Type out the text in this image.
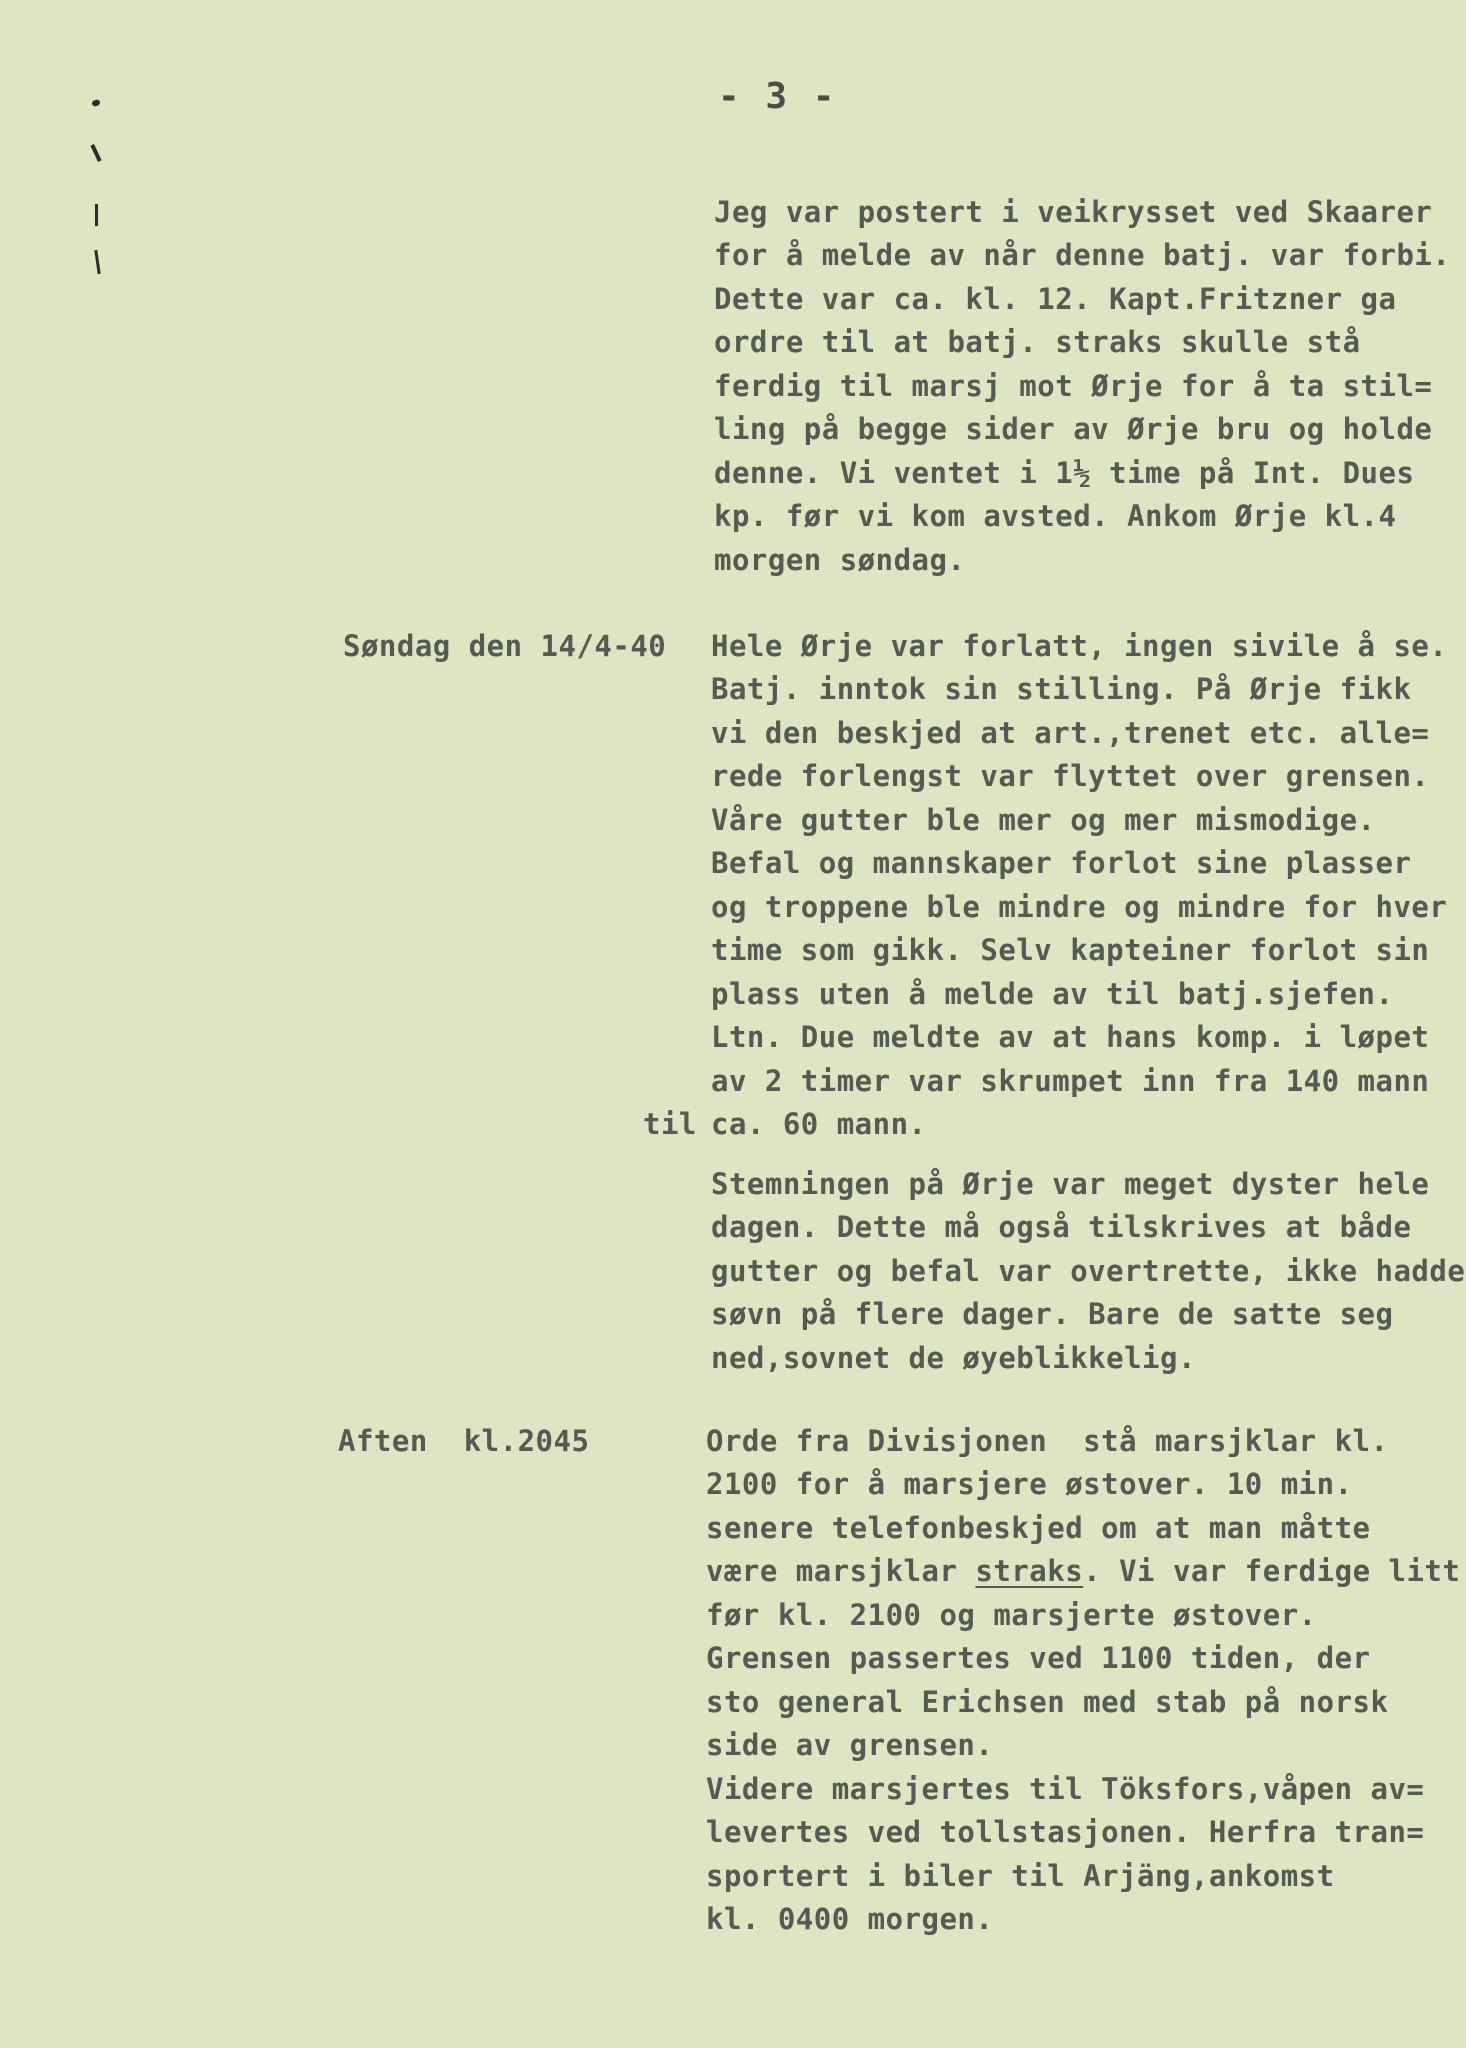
- 3 -
Jeg var postert i veikrysset ved Skaarer
for å melde av når denne batj. var forbi.
Dette var ca. kl. 12. Kapt.Fritzner ga
ordre til at batj. straks skulle stå
ferdig til marsj mot Ørje for å ta stil=
ling på begge sider av Ørje bru og holde
denne. Vi ventet i 1½ time på Int. Dues
kp. før vi kom avsted. Ankom Ørje kl.4
morgen søndag.
Søndag den 14/4-40 Hele Ørje var forlatt, ingen sivile å se.
Batj. inntok sin stilling. På Ørje fikk
vi den beskjed at art.,trenet etc. alle=
rede forlengst var flyttet over grensen.
Våre gutter ble mer og mer mismodige.
Befal og mannskaper forlot sine plasser
og troppene ble mindre og mindre for hver
time som gikk. Selv kapteiner forlot sin
plass uten å melde av til batj.sjefen.
Ltn. Due meldte av at hans komp. i løpet
av 2 timer var skrumpet inn fra 140 mann
til ca. 60 mann.
Stemningen på Ørje var meget dyster hele
dagen. Dette må også tilskrives at både
gutter og befal var overtrette, ikke hadde
søvn på flere dager. Bare de satte seg
ned,sovnet de øyeblikkelig.
Aften  kl.2045	Orde fra Divisjonen  stå marsjklar kl.
2100 for å marsjere østover. 10 min.
senere telefonbeskjed om at man måtte
være marsjklar straks. Vi var ferdige litt
før kl. 2100 og marsjerte østover.
Grensen passertes ved 1100 tiden, der
sto general Erichsen med stab på norsk
side av grensen.
Videre marsjertes til Töksfors,våpen av=
levertes ved tollstasjonen. Herfra tran=
sportert i biler til Arjäng,ankomst
kl. 0400 morgen.
